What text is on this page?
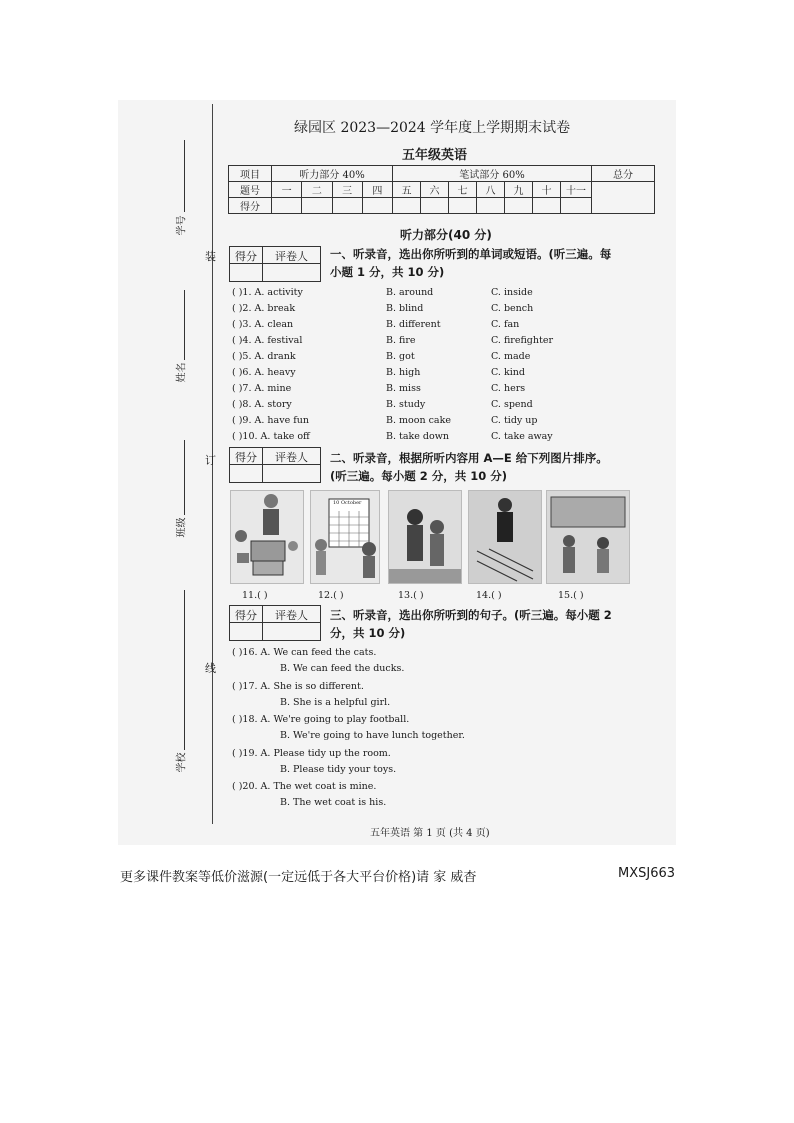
装
订
线
学号
姓名
班级
学校
绿园区 2023—2024 学年度上学期期末试卷
五年级英语
项目	听力部分 40%				笔试部分 60%							总分
题号	一	二	三	四	五	六	七	八	九	十	十一	
得分												
听力部分(40 分)
得分	评卷人	一、听录音，选出你所听到的单词或短语。(听三遍。每
小题 1 分，共 10 分)
( )1. A. activity	B. around	C. inside
( )2. A. break	B. blind	C. bench
( )3. A. clean	B. different	C. fan
( )4. A. festival	B. fire	C. firefighter
( )5. A. drank	B. got	C. made
( )6. A. heavy	B. high	C. kind
( )7. A. mine	B. miss	C. hers
( )8. A. story	B. study	C. spend
( )9. A. have fun	B. moon cake	C. tidy up
( )10. A. take off	B. take down	C. take away
得分	评卷人	二、听录音，根据所听内容用 A—E 给下列图片排序。
(听三遍。每小题 2 分，共 10 分)
10 October
11.( )	12.( )	13.( )	14.( )	15.( )
得分	评卷人	三、听录音，选出你所听到的句子。(听三遍。每小题 2
分，共 10 分)
( )16. A. We can feed the cats.
B. We can feed the ducks.
( )17. A. She is so different.
B. She is a helpful girl.
( )18. A. We're going to play football.
B. We're going to have lunch together.
( )19. A. Please tidy up the room.
B. Please tidy your toys.
( )20. A. The wet coat is mine.
B. The wet coat is his.
五年英语 第 1 页 (共 4 页)
更多课件教案等低价滋源(一定远低于各大平台价格)请 家 威杳	MXSJ663
